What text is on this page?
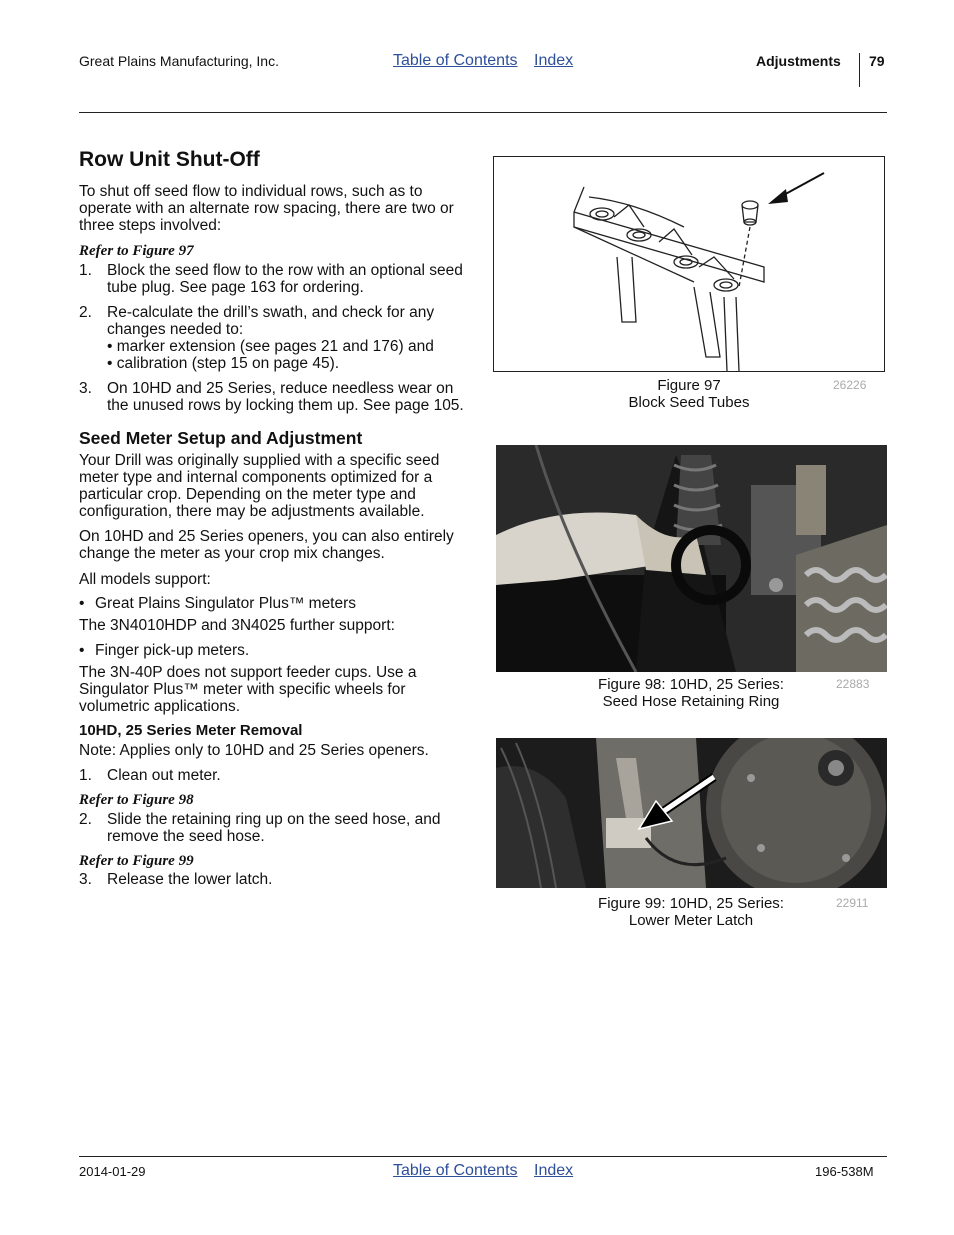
Great Plains Manufacturing, Inc.	Table of Contents Index	Adjustments 79
Row Unit Shut-Off
To shut off seed flow to individual rows, such as to operate with an alternate row spacing, there are two or three steps involved:
Refer to Figure 97
1. Block the seed flow to the row with an optional seed
tube plug. See page 163 for ordering.
2. Re-calculate the drill’s swath, and check for any
changes needed to:
• marker extension (see pages 21 and 176) and
• calibration (step 15 on page 45).
3. On 10HD and 25 Series, reduce needless wear on
the unused rows by locking them up. See page 105.
Seed Meter Setup and Adjustment
Your Drill was originally supplied with a specific seed
meter type and internal components optimized for a
particular crop. Depending on the meter type and
configuration, there may be adjustments available.
On 10HD and 25 Series openers, you can also entirely
change the meter as your crop mix changes.
All models support:
• Great Plains Singulator Plus™ meters
The 3N4010HDP and 3N4025 further support:
• Finger pick-up meters.
The 3N-40P does not support feeder cups. Use a
Singulator Plus™ meter with specific wheels for
volumetric applications.
10HD, 25 Series Meter Removal
Note: Applies only to 10HD and 25 Series openers.
1. Clean out meter.
Refer to Figure 98
2. Slide the retaining ring up on the seed hose, and
remove the seed hose.
Refer to Figure 99
3. Release the lower latch.
Figure 97
Block Seed Tubes
26226
Figure 98: 10HD, 25 Series:
Seed Hose Retaining Ring
22883
Figure 99: 10HD, 25 Series:
Lower Meter Latch
22911
2014-01-29	Table of Contents Index	196-538M
